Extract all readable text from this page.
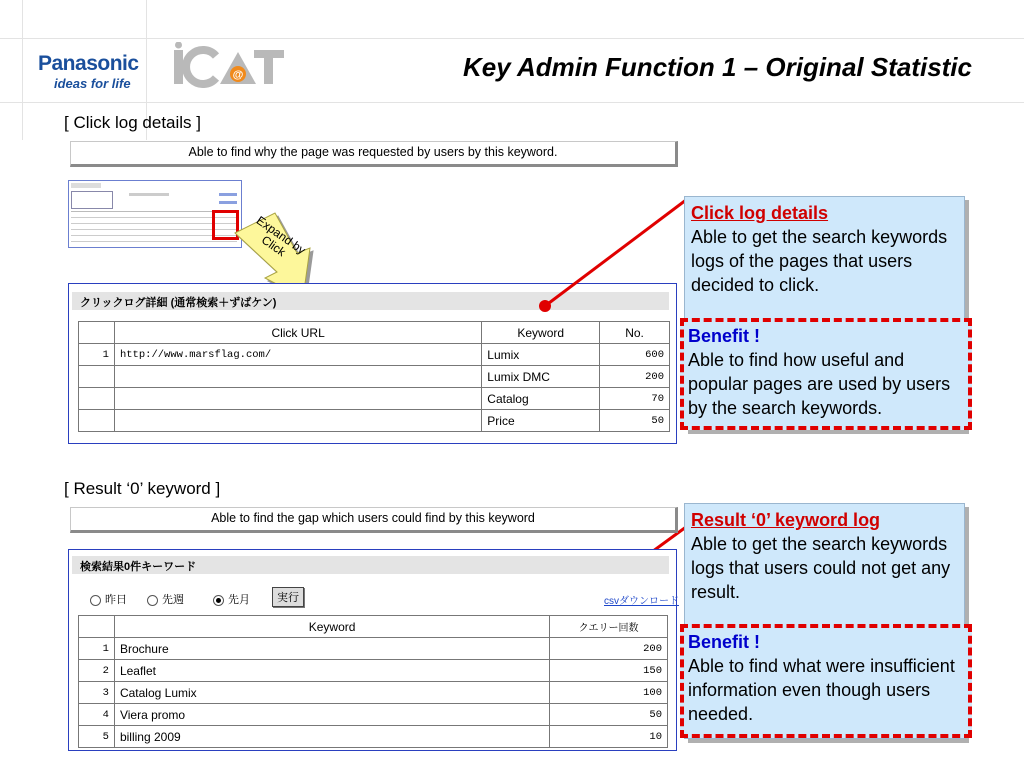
Panasonic
ideas for life
@	Key Admin Function 1 – Original Statistic
[ Click log details ]
Able to find why the page was requested by users by this keyword.
Expand by Click
クリックログ詳細 (通常検索＋ずばケン)
	Click URL	Keyword	No.
1	http://www.marsflag.com/	Lumix	600
		Lumix DMC	200
		Catalog	70
		Price	50
Click log details
Able to get the search keywords logs of the pages that users decided to click.
Benefit !
Able to find how useful and popular pages are used by users by the search keywords.
[ Result ‘0’ keyword ]
Able to find the gap which users could find by this keyword
検索結果0件キーワード
昨日	先週	先月	実行	csvダウンロード
	Keyword	クエリー回数
1	Brochure	200
2	Leaflet	150
3	Catalog Lumix	100
4	Viera promo	50
5	billing 2009	10
Result ‘0’ keyword log
Able to get the search keywords logs that users could not get any result.
Benefit !
Able to find what were insufficient information even though users needed.
